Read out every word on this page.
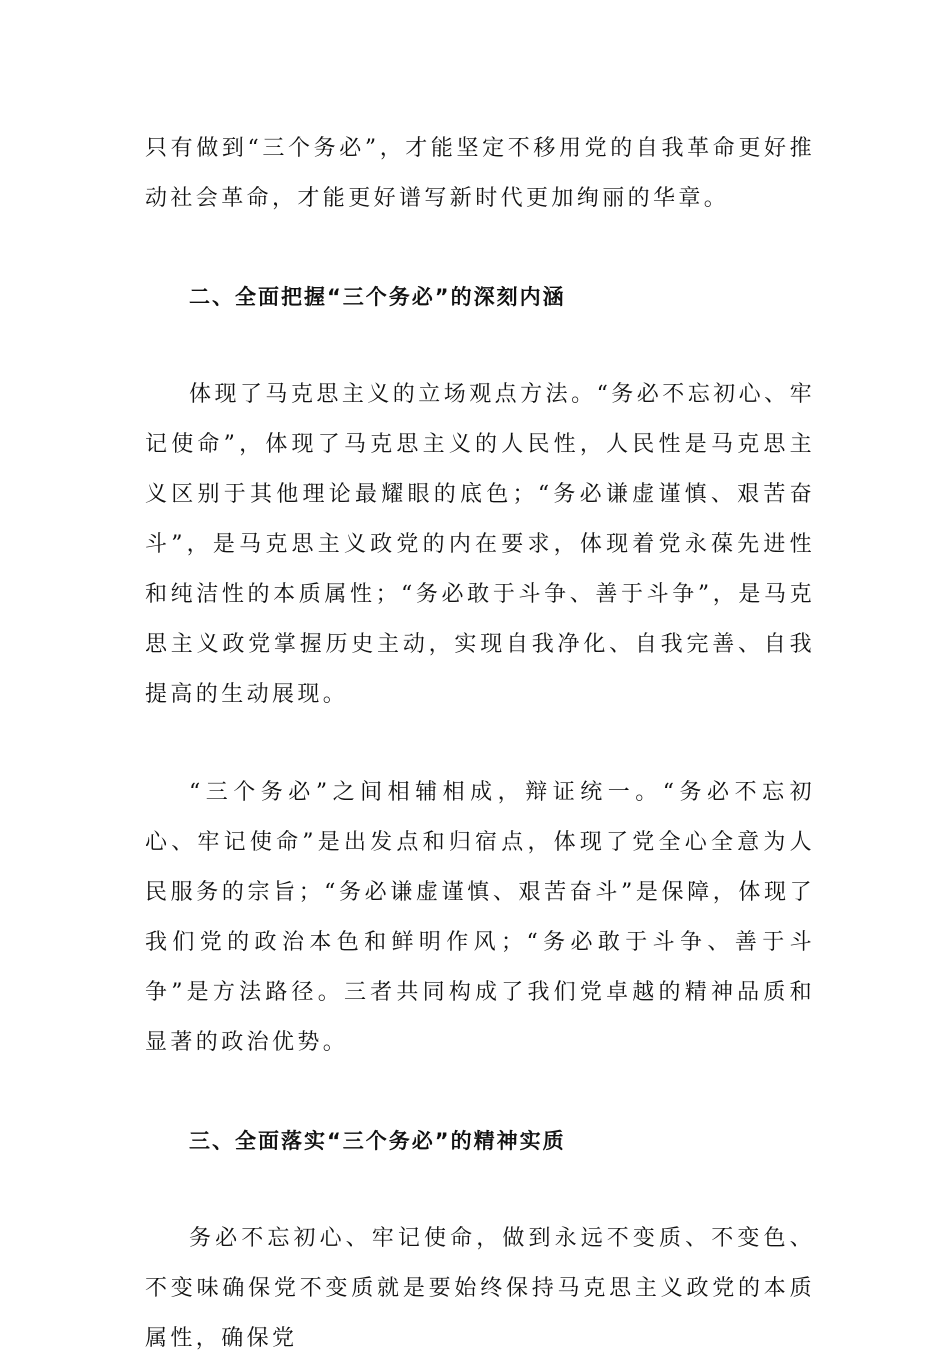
只有做到“三个务必”，才能坚定不移用党的自我革命更好推动社会革命，才能更好谱写新时代更加绚丽的华章。

二、全面把握“三个务必”的深刻内涵

体现了马克思主义的立场观点方法。“务必不忘初心、牢记使命”，体现了马克思主义的人民性，人民性是马克思主义区别于其他理论最耀眼的底色；“务必谦虚谨慎、艰苦奋斗”，是马克思主义政党的内在要求，体现着党永葆先进性和纯洁性的本质属性；“务必敢于斗争、善于斗争”，是马克思主义政党掌握历史主动，实现自我净化、自我完善、自我提高的生动展现。

“三个务必”之间相辅相成，辩证统一。“务必不忘初心、牢记使命”是出发点和归宿点，体现了党全心全意为人民服务的宗旨；“务必谦虚谨慎、艰苦奋斗”是保障，体现了我们党的政治本色和鲜明作风；“务必敢于斗争、善于斗争”是方法路径。三者共同构成了我们党卓越的精神品质和显著的政治优势。

三、全面落实“三个务必”的精神实质

务必不忘初心、牢记使命，做到永远不变质、不变色、不变味确保党不变质就是要始终保持马克思主义政党的本质属性，确保党
